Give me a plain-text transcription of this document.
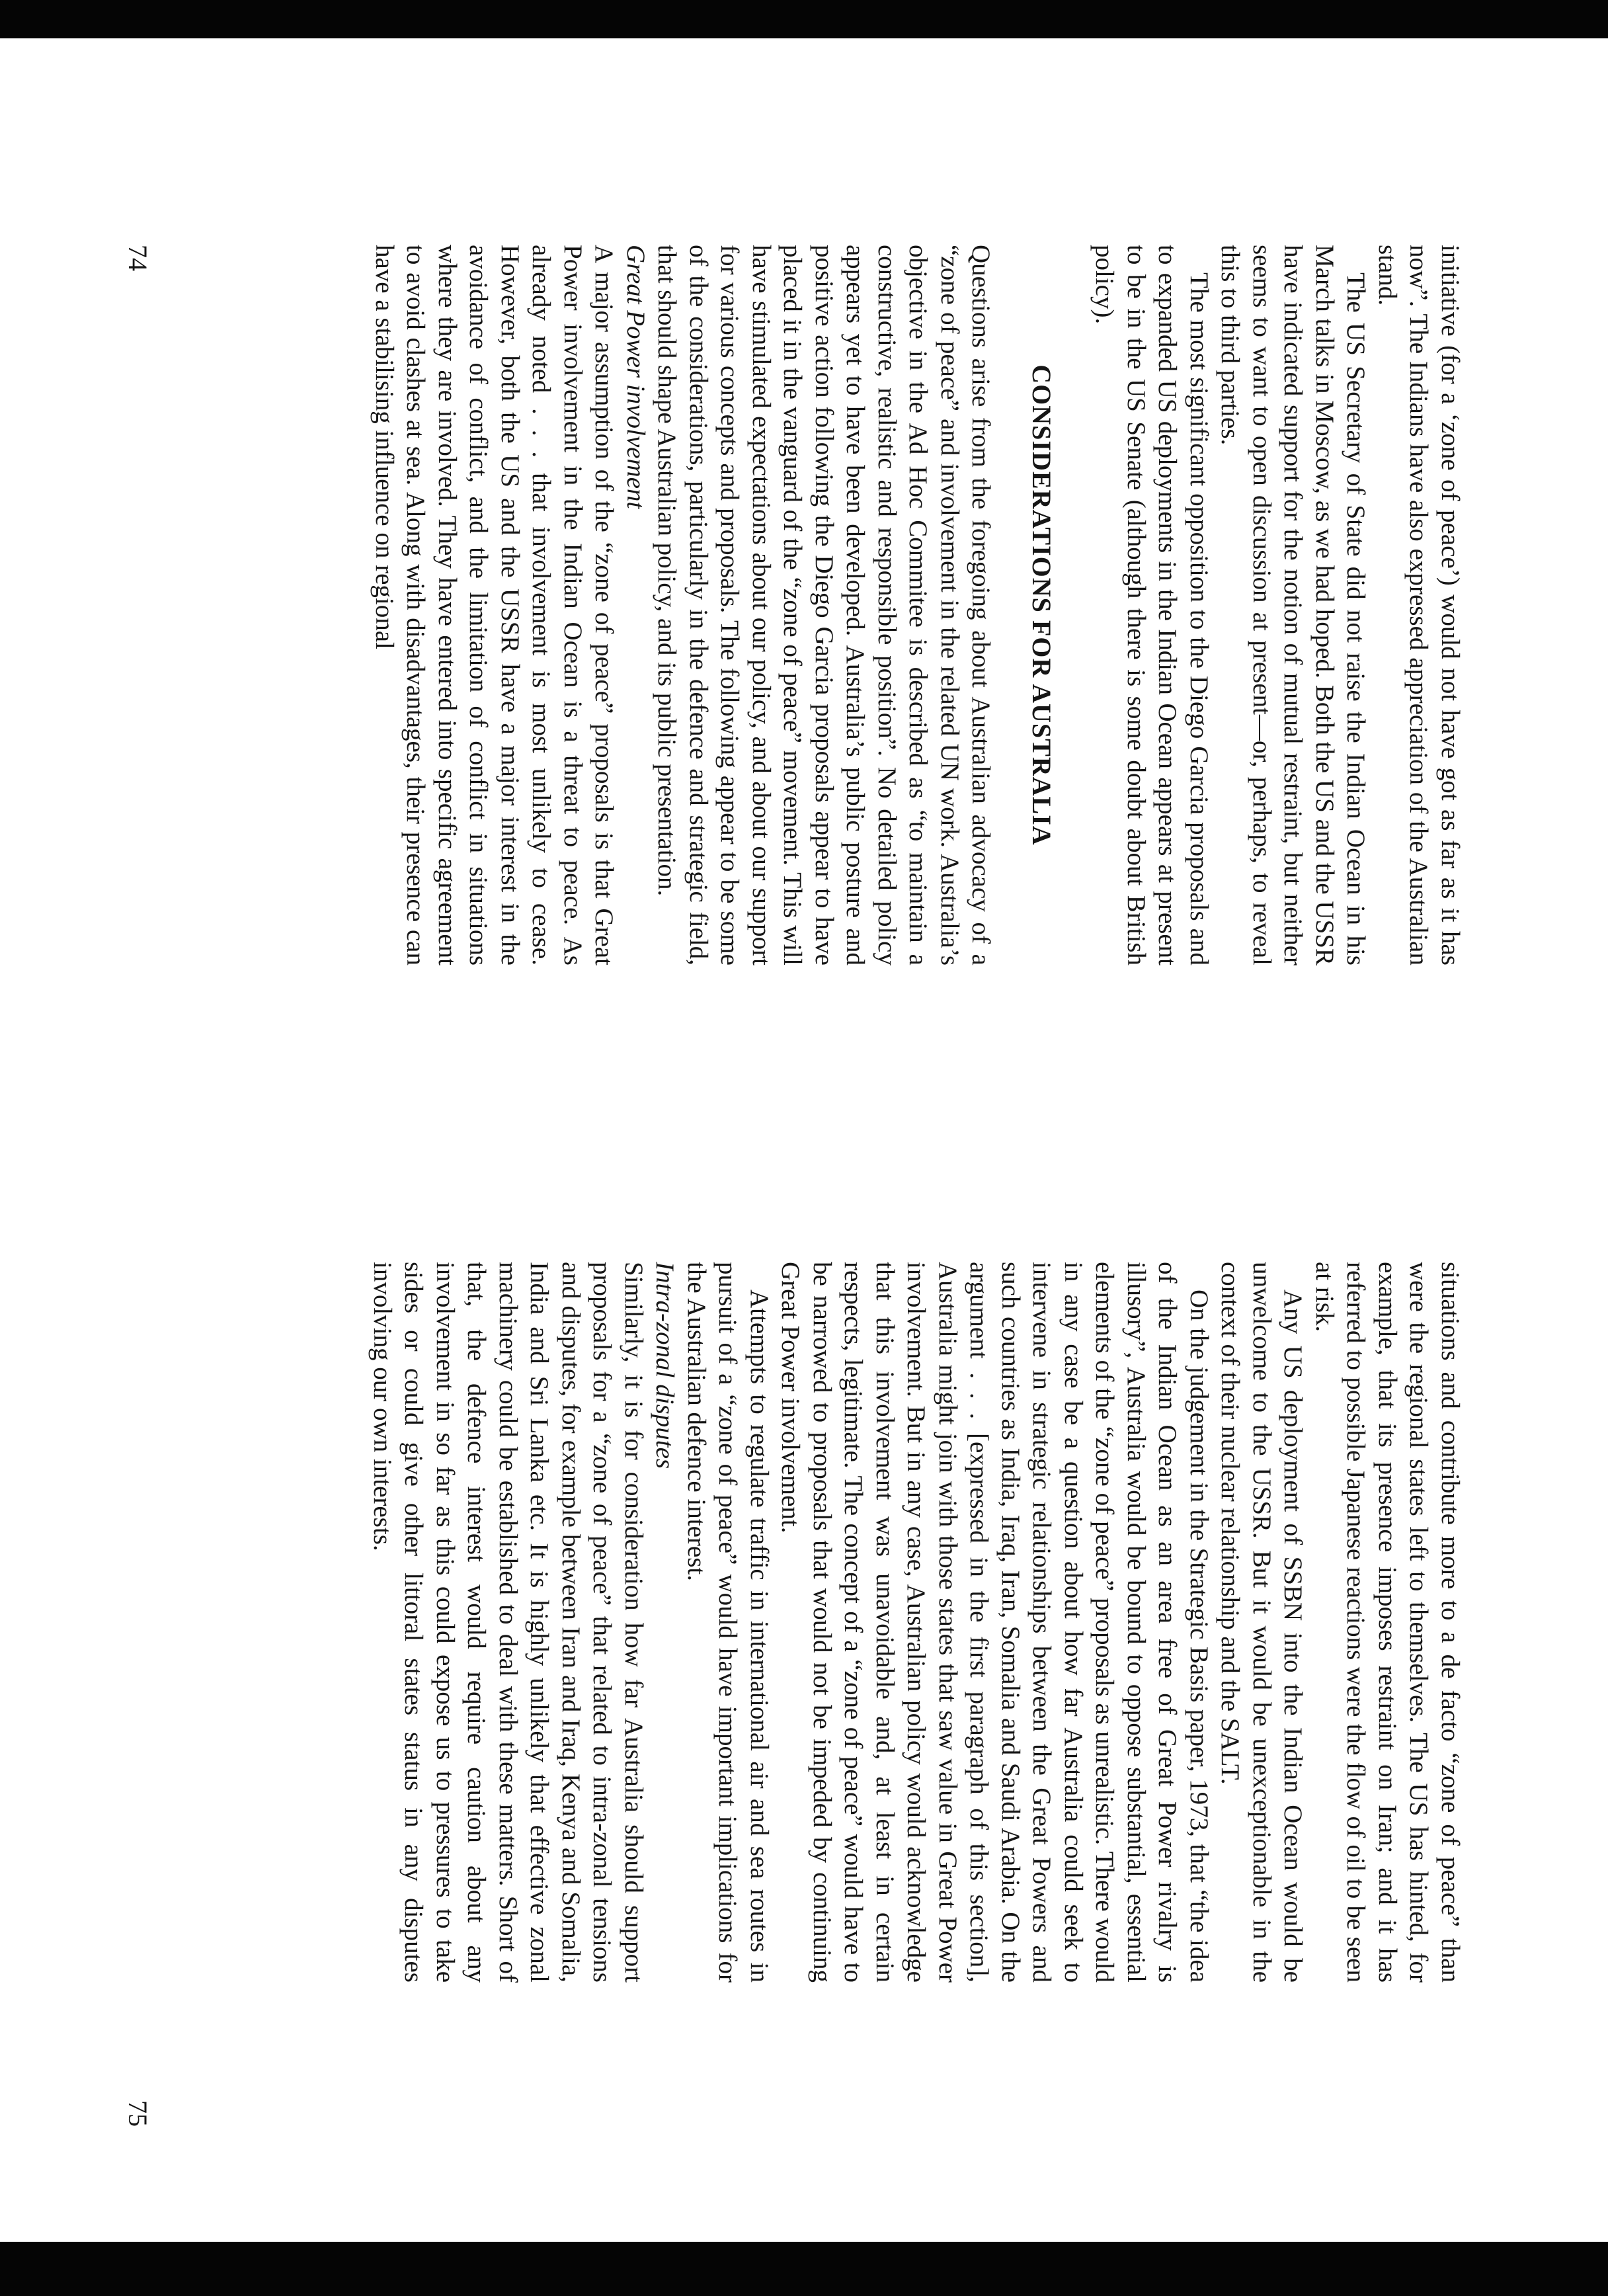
initiative (for a ‘zone of peace’) would not have got as far as it has now”. The Indians have also expressed appreciation of the Australian stand.

The US Secretary of State did not raise the Indian Ocean in his March talks in Moscow, as we had hoped. Both the US and the USSR have indicated support for the notion of mutual restraint, but neither seems to want to open discussion at present—or, perhaps, to reveal this to third parties.

The most significant opposition to the Diego Garcia proposals and to expanded US deployments in the Indian Ocean appears at present to be in the US Senate (although there is some doubt about British policy).

CONSIDERATIONS FOR AUSTRALIA

Questions arise from the foregoing about Australian advocacy of a “zone of peace” and involvement in the related UN work. Australia’s objective in the Ad Hoc Commitee is described as “to maintain a constructive, realistic and responsible position”. No detailed policy appears yet to have been developed. Australia’s public posture and positive action following the Diego Garcia proposals appear to have placed it in the vanguard of the “zone of peace” movement. This will have stimulated expectations about our policy, and about our support for various concepts and proposals. The following appear to be some of the considerations, particularly in the defence and strategic field, that should shape Australian policy, and its public presentation.

Great Power involvement

A major assumption of the “zone of peace” proposals is that Great Power involvement in the Indian Ocean is a threat to peace. As already noted . . . that involvement is most unlikely to cease. However, both the US and the USSR have a major interest in the avoidance of conflict, and the limitation of conflict in situations where they are involved. They have entered into specific agreement to avoid clashes at sea. Along with disadvantages, their presence can have a stabilising influence on regional

74

situations and contribute more to a de facto “zone of peace” than were the regional states left to themselves. The US has hinted, for example, that its presence imposes restraint on Iran; and it has referred to possible Japanese reactions were the flow of oil to be seen at risk.

Any US deployment of SSBN into the Indian Ocean would be unwelcome to the USSR. But it would be unexceptionable in the context of their nuclear relationship and the SALT.

On the judgement in the Strategic Basis paper, 1973, that “the idea of the Indian Ocean as an area free of Great Power rivalry is illusory”, Australia would be bound to oppose substantial, essential elements of the “zone of peace” proposals as unrealistic. There would in any case be a question about how far Australia could seek to intervene in strategic relationships between the Great Powers and such countries as India, Iraq, Iran, Somalia and Saudi Arabia. On the argument . . . [expressed in the first paragraph of this section], Australia might join with those states that saw value in Great Power involvement. But in any case, Australian policy would acknowledge that this involvement was unavoidable and, at least in certain respects, legitimate. The concept of a “zone of peace” would have to be narrowed to proposals that would not be impeded by continuing Great Power involvement.

Attempts to regulate traffic in international air and sea routes in pursuit of a “zone of peace” would have important implications for the Australian defence interest.

Intra-zonal disputes

Similarly, it is for consideration how far Australia should support proposals for a “zone of peace” that related to intra-zonal tensions and disputes, for example between Iran and Iraq, Kenya and Somalia, India and Sri Lanka etc. It is highly unlikely that effective zonal machinery could be established to deal with these matters. Short of that, the defence interest would require caution about any involvement in so far as this could expose us to pressures to take sides or could give other littoral states status in any disputes involving our own interests.

75
